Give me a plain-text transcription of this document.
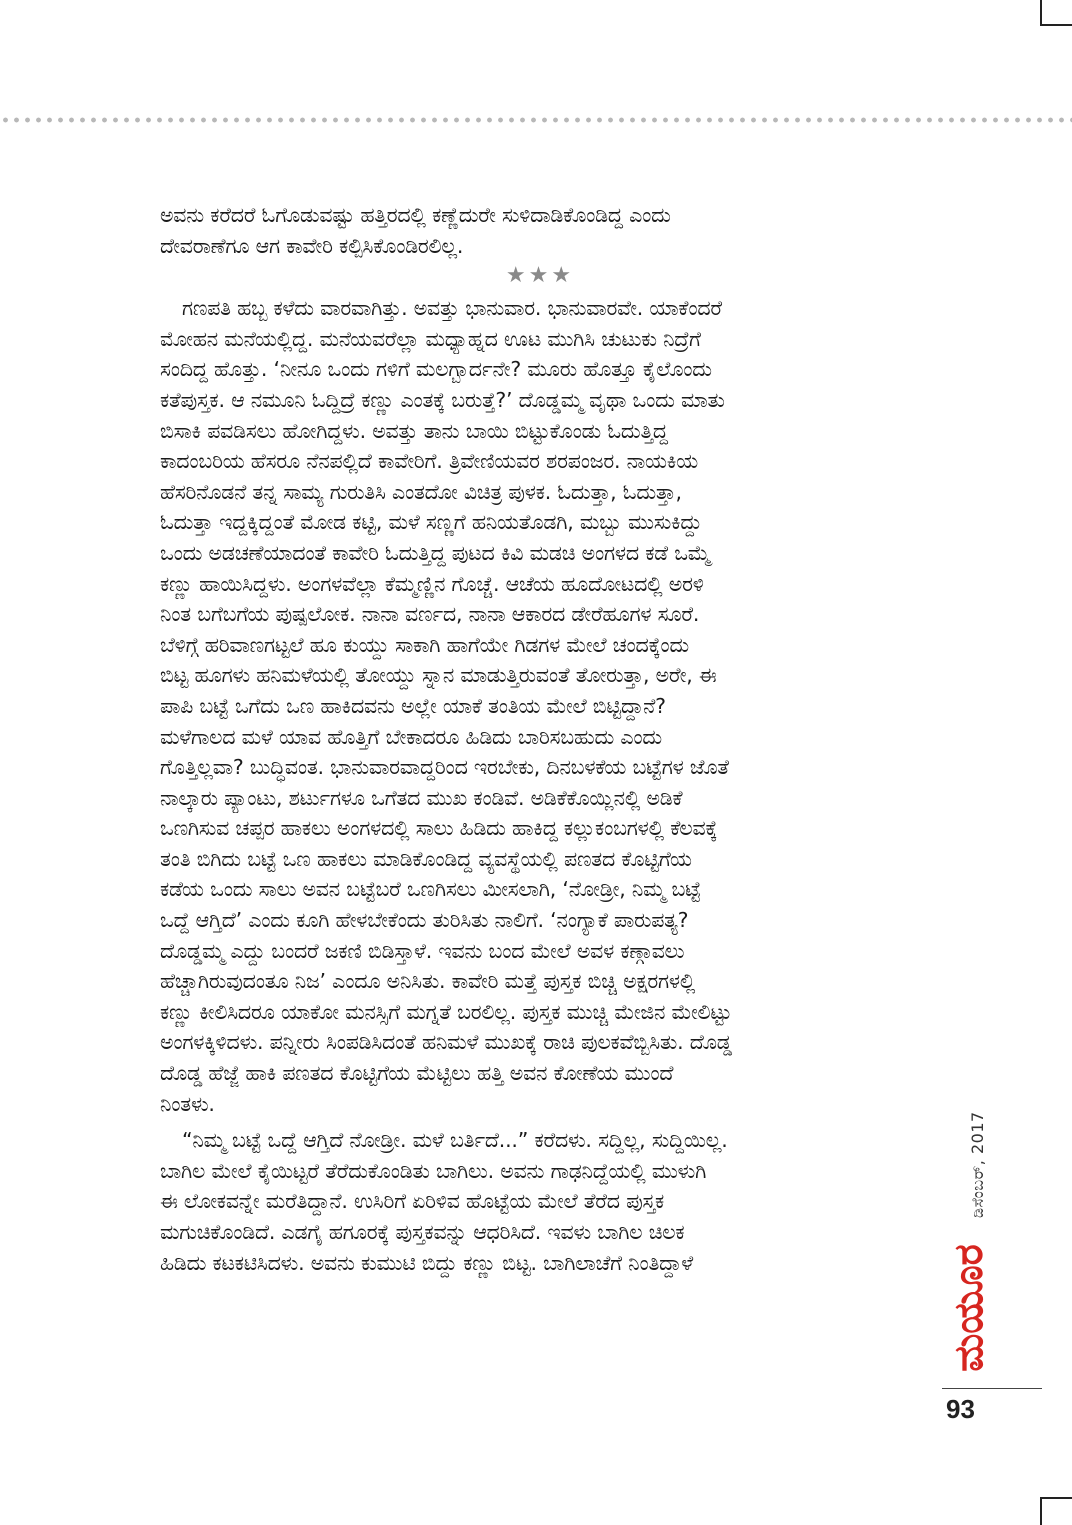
ಅವನು ಕರೆದರೆ ಓಗೊಡುವಷ್ಟು ಹತ್ತಿರದಲ್ಲಿ ಕಣ್ಣೆದುರೇ ಸುಳಿದಾಡಿಕೊಂಡಿದ್ದ ಎಂದು
ದೇವರಾಣೆಗೂ ಆಗ ಕಾವೇರಿ ಕಲ್ಪಿಸಿಕೊಂಡಿರಲಿಲ್ಲ.
★★★
ಗಣಪತಿ ಹಬ್ಬ ಕಳೆದು ವಾರವಾಗಿತ್ತು. ಅವತ್ತು ಭಾನುವಾರ. ಭಾನುವಾರವೇ. ಯಾಕೆಂದರೆ
ಮೋಹನ ಮನೆಯಲ್ಲಿದ್ದ. ಮನೆಯವರೆಲ್ಲಾ ಮಧ್ಯಾಹ್ನದ ಊಟ ಮುಗಿಸಿ ಚುಟುಕು ನಿದ್ರೆಗೆ
ಸಂದಿದ್ದ ಹೊತ್ತು. ‘ನೀನೂ ಒಂದು ಗಳಿಗೆ ಮಲಗ್ಬಾರ್ದನೇ? ಮೂರು ಹೊತ್ತೂ ಕೈಲೊಂದು
ಕತೆಪುಸ್ತಕ. ಆ ನಮೂನಿ ಓದ್ದಿದ್ರೆ ಕಣ್ಣು ಎಂತಕ್ಕೆ ಬರುತ್ತೆ?’ ದೊಡ್ಡಮ್ಮ ವೃಥಾ ಒಂದು ಮಾತು
ಬಿಸಾಕಿ ಪವಡಿಸಲು ಹೋಗಿದ್ದಳು. ಅವತ್ತು ತಾನು ಬಾಯಿ ಬಿಟ್ಟುಕೊಂಡು ಓದುತ್ತಿದ್ದ
ಕಾದಂಬರಿಯ ಹೆಸರೂ ನೆನಪಲ್ಲಿದೆ ಕಾವೇರಿಗೆ. ತ್ರಿವೇಣಿಯವರ ಶರಪಂಜರ. ನಾಯಕಿಯ
ಹೆಸರಿನೊಡನೆ ತನ್ನ ಸಾಮ್ಯ ಗುರುತಿಸಿ ಎಂತದೋ ವಿಚಿತ್ರ ಪುಳಕ. ಓದುತ್ತಾ, ಓದುತ್ತಾ,
ಓದುತ್ತಾ ಇದ್ದಕ್ಕಿದ್ದಂತೆ ಮೋಡ ಕಟ್ಟಿ, ಮಳೆ ಸಣ್ಣಗೆ ಹನಿಯತೊಡಗಿ, ಮಬ್ಬು ಮುಸುಕಿದ್ದು
ಒಂದು ಅಡಚಣೆಯಾದಂತೆ ಕಾವೇರಿ ಓದುತ್ತಿದ್ದ ಪುಟದ ಕಿವಿ ಮಡಚಿ ಅಂಗಳದ ಕಡೆ ಒಮ್ಮೆ
ಕಣ್ಣು ಹಾಯಿಸಿದ್ದಳು. ಅಂಗಳವೆಲ್ಲಾ ಕೆಮ್ಮಣ್ಣಿನ ಗೊಚ್ಚೆ. ಆಚೆಯ ಹೂದೋಟದಲ್ಲಿ ಅರಳಿ
ನಿಂತ ಬಗೆಬಗೆಯ ಪುಷ್ಪಲೋಕ. ನಾನಾ ವರ್ಣದ, ನಾನಾ ಆಕಾರದ ಡೇರೆಹೂಗಳ ಸೂರೆ.
ಬೆಳಿಗ್ಗೆ ಹರಿವಾಣಗಟ್ಟಲೆ ಹೂ ಕುಯ್ದು ಸಾಕಾಗಿ ಹಾಗೆಯೇ ಗಿಡಗಳ ಮೇಲೆ ಚಂದಕ್ಕೆಂದು
ಬಿಟ್ಟ ಹೂಗಳು ಹನಿಮಳೆಯಲ್ಲಿ ತೋಯ್ದು ಸ್ನಾನ ಮಾಡುತ್ತಿರುವಂತೆ ತೋರುತ್ತಾ, ಅರೇ, ಈ
ಪಾಪಿ ಬಟ್ಟೆ ಒಗೆದು ಒಣ ಹಾಕಿದವನು ಅಲ್ಲೇ ಯಾಕೆ ತಂತಿಯ ಮೇಲೆ ಬಿಟ್ಟಿದ್ದಾನೆ?
ಮಳೆಗಾಲದ ಮಳೆ ಯಾವ ಹೊತ್ತಿಗೆ ಬೇಕಾದರೂ ಹಿಡಿದು ಬಾರಿಸಬಹುದು ಎಂದು
ಗೊತ್ತಿಲ್ಲವಾ? ಬುದ್ಧಿವಂತ. ಭಾನುವಾರವಾದ್ದರಿಂದ ಇರಬೇಕು, ದಿನಬಳಕೆಯ ಬಟ್ಟೆಗಳ ಜೊತೆ
ನಾಲ್ಕಾರು ಪ್ಯಾಂಟು, ಶರ್ಟುಗಳೂ ಒಗೆತದ ಮುಖ ಕಂಡಿವೆ. ಅಡಿಕೆಕೊಯ್ಲಿನಲ್ಲಿ ಅಡಿಕೆ
ಒಣಗಿಸುವ ಚಪ್ಪರ ಹಾಕಲು ಅಂಗಳದಲ್ಲಿ ಸಾಲು ಹಿಡಿದು ಹಾಕಿದ್ದ ಕಲ್ಲುಕಂಬಗಳಲ್ಲಿ ಕೆಲವಕ್ಕೆ
ತಂತಿ ಬಿಗಿದು ಬಟ್ಟೆ ಒಣ ಹಾಕಲು ಮಾಡಿಕೊಂಡಿದ್ದ ವ್ಯವಸ್ಥೆಯಲ್ಲಿ ಪಣತದ ಕೊಟ್ಟಿಗೆಯ
ಕಡೆಯ ಒಂದು ಸಾಲು ಅವನ ಬಟ್ಟೆಬರೆ ಒಣಗಿಸಲು ಮೀಸಲಾಗಿ, ‘ನೋಡ್ರೀ, ನಿಮ್ಮ ಬಟ್ಟೆ
ಒದ್ದೆ ಆಗ್ತಿದೆ’ ಎಂದು ಕೂಗಿ ಹೇಳಬೇಕೆಂದು ತುರಿಸಿತು ನಾಲಿಗೆ. ‘ನಂಗ್ಯಾಕೆ ಪಾರುಪತ್ಯ?
ದೊಡ್ಡಮ್ಮ ಎದ್ದು ಬಂದರೆ ಜಕಣಿ ಬಿಡಿಸ್ತಾಳೆ. ಇವನು ಬಂದ ಮೇಲೆ ಅವಳ ಕಣ್ಗಾವಲು
ಹೆಚ್ಚಾಗಿರುವುದಂತೂ ನಿಜ’ ಎಂದೂ ಅನಿಸಿತು. ಕಾವೇರಿ ಮತ್ತೆ ಪುಸ್ತಕ ಬಿಚ್ಚಿ ಅಕ್ಷರಗಳಲ್ಲಿ
ಕಣ್ಣು ಕೀಲಿಸಿದರೂ ಯಾಕೋ ಮನಸ್ಸಿಗೆ ಮಗ್ನತೆ ಬರಲಿಲ್ಲ. ಪುಸ್ತಕ ಮುಚ್ಚಿ ಮೇಜಿನ ಮೇಲಿಟ್ಟು
ಅಂಗಳಕ್ಕಿಳಿದಳು. ಪನ್ನೀರು ಸಿಂಪಡಿಸಿದಂತೆ ಹನಿಮಳೆ ಮುಖಕ್ಕೆ ರಾಚಿ ಪುಲಕವೆಬ್ಬಿಸಿತು. ದೊಡ್ಡ
ದೊಡ್ಡ ಹೆಜ್ಜೆ ಹಾಕಿ ಪಣತದ ಕೊಟ್ಟಿಗೆಯ ಮೆಟ್ಟಿಲು ಹತ್ತಿ ಅವನ ಕೋಣೆಯ ಮುಂದೆ
ನಿಂತಳು.
“ನಿಮ್ಮ ಬಟ್ಟೆ ಒದ್ದೆ ಆಗ್ತಿದೆ ನೋಡ್ರೀ. ಮಳೆ ಬರ್ತಿದೆ...” ಕರೆದಳು. ಸದ್ದಿಲ್ಲ, ಸುದ್ದಿಯಿಲ್ಲ.
ಬಾಗಿಲ ಮೇಲೆ ಕೈಯಿಟ್ಟರೆ ತೆರೆದುಕೊಂಡಿತು ಬಾಗಿಲು. ಅವನು ಗಾಢನಿದ್ದೆಯಲ್ಲಿ ಮುಳುಗಿ
ಈ ಲೋಕವನ್ನೇ ಮರೆತಿದ್ದಾನೆ. ಉಸಿರಿಗೆ ಏರಿಳಿವ ಹೊಟ್ಟೆಯ ಮೇಲೆ ತೆರೆದ ಪುಸ್ತಕ
ಮಗುಚಿಕೊಂಡಿದೆ. ಎಡಗೈ ಹಗೂರಕ್ಕೆ ಪುಸ್ತಕವನ್ನು ಆಧರಿಸಿದೆ. ಇವಳು ಬಾಗಿಲ ಚಿಲಕ
ಹಿಡಿದು ಕಟಕಟಿಸಿದಳು. ಅವನು ಕುಮುಟಿ ಬಿದ್ದು ಕಣ್ಣು ಬಿಟ್ಟ. ಬಾಗಿಲಾಚೆಗೆ ನಿಂತಿದ್ದಾಳೆ
ಡಿಸೆಂಬರ್, 2017
ಮಯೂರ
93
